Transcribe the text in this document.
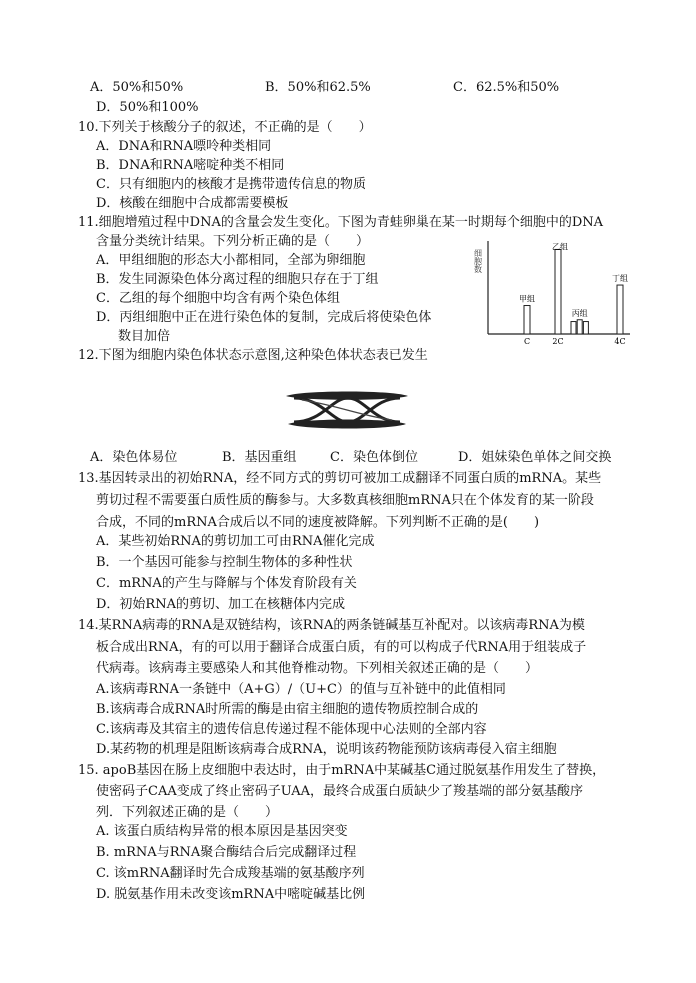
A．50%和50%	B．50%和62.5%	C．62.5%和50%
D．50%和100%
10.下列关于核酸分子的叙述，不正确的是（　　）
A．DNA和RNA嘌呤种类相同
B．DNA和RNA嘧啶种类不相同
C．只有细胞内的核酸才是携带遗传信息的物质
D．核酸在细胞中合成都需要模板
11.细胞增殖过程中DNA的含量会发生变化。下图为青蛙卵巢在某一时期每个细胞中的DNA
含量分类统计结果。下列分析正确的是（　　）
A．甲组细胞的形态大小都相同，全部为卵细胞
B．发生同源染色体分离过程的细胞只存在于丁组
C．乙组的每个细胞中均含有两个染色体组
D．丙组细胞中正在进行染色体的复制，完成后将使染色体
数目加倍
细胞数
C	2C	4C
甲组
乙组
丙组
丁组
12.下图为细胞内染色体状态示意图,这种染色体状态表已发生
A．染色体易位	B．基因重组	C．染色体倒位	D．姐妹染色单体之间交换
13.基因转录出的初始RNA，经不同方式的剪切可被加工成翻译不同蛋白质的mRNA。某些
剪切过程不需要蛋白质性质的酶参与。大多数真核细胞mRNA只在个体发育的某一阶段
合成，不同的mRNA合成后以不同的速度被降解。下列判断不正确的是(　　)
A．某些初始RNA的剪切加工可由RNA催化完成
B．一个基因可能参与控制生物体的多种性状
C．mRNA的产生与降解与个体发育阶段有关
D．初始RNA的剪切、加工在核糖体内完成
14.某RNA病毒的RNA是双链结构，该RNA的两条链碱基互补配对。以该病毒RNA为模
板合成出RNA，有的可以用于翻译合成蛋白质，有的可以构成子代RNA用于组装成子
代病毒。该病毒主要感染人和其他脊椎动物。下列相关叙述正确的是（　　）
A.该病毒RNA一条链中（A+G）/（U+C）的值与互补链中的此值相同
B.该病毒合成RNA时所需的酶是由宿主细胞的遗传物质控制合成的
C.该病毒及其宿主的遗传信息传递过程不能体现中心法则的全部内容
D.某药物的机理是阻断该病毒合成RNA，说明该药物能预防该病毒侵入宿主细胞
15. apoB基因在肠上皮细胞中表达时，由于mRNA中某碱基C通过脱氨基作用发生了替换，
使密码子CAA变成了终止密码子UAA，最终合成蛋白质缺少了羧基端的部分氨基酸序
列．下列叙述正确的是（　　）
A. 该蛋白质结构异常的根本原因是基因突变
B. mRNA与RNA聚合酶结合后完成翻译过程
C. 该mRNA翻译时先合成羧基端的氨基酸序列
D. 脱氨基作用未改变该mRNA中嘧啶碱基比例
